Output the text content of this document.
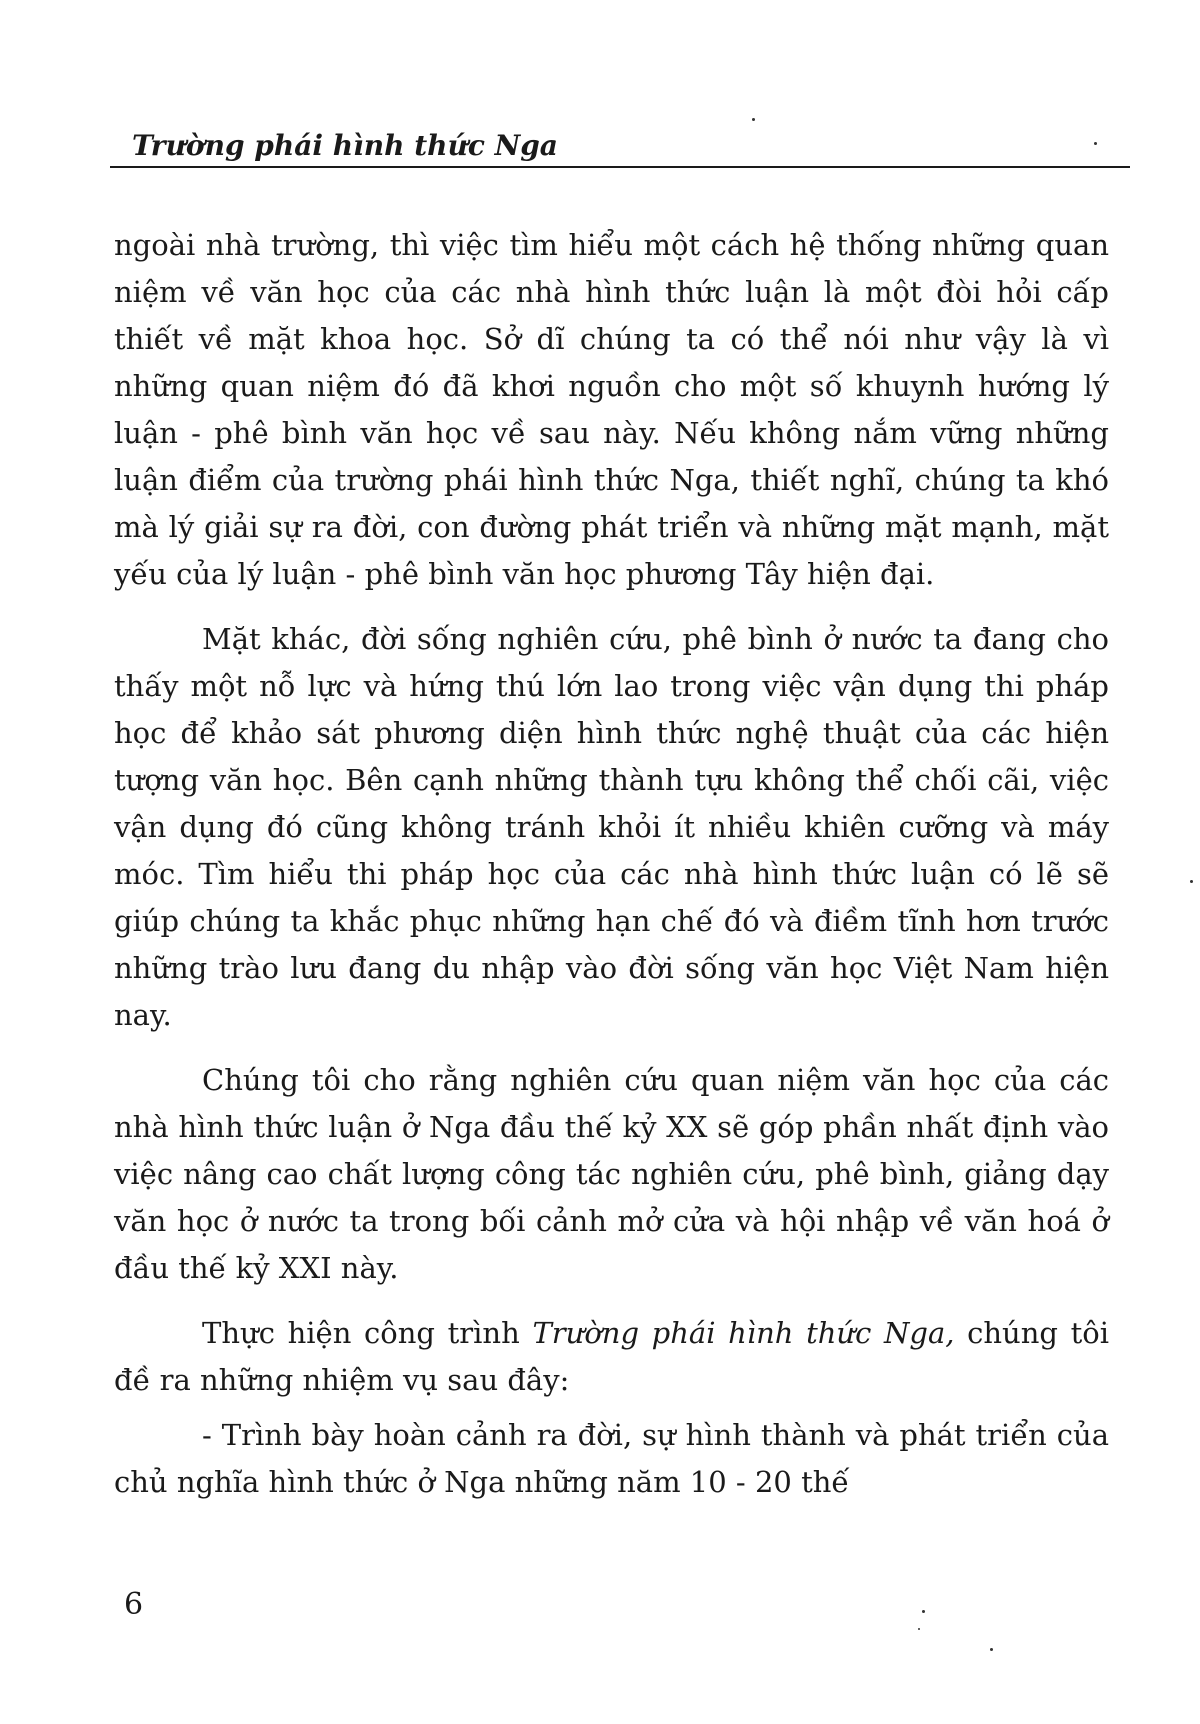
Trường phái hình thức Nga

ngoài nhà trường, thì việc tìm hiểu một cách hệ thống những quan niệm về văn học của các nhà hình thức luận là một đòi hỏi cấp thiết về mặt khoa học. Sở dĩ chúng ta có thể nói như vậy là vì những quan niệm đó đã khơi nguồn cho một số khuynh hướng lý luận - phê bình văn học về sau này. Nếu không nắm vững những luận điểm của trường phái hình thức Nga, thiết nghĩ, chúng ta khó mà lý giải sự ra đời, con đường phát triển và những mặt mạnh, mặt yếu của lý luận - phê bình văn học phương Tây hiện đại.

Mặt khác, đời sống nghiên cứu, phê bình ở nước ta đang cho thấy một nỗ lực và hứng thú lớn lao trong việc vận dụng thi pháp học để khảo sát phương diện hình thức nghệ thuật của các hiện tượng văn học. Bên cạnh những thành tựu không thể chối cãi, việc vận dụng đó cũng không tránh khỏi ít nhiều khiên cưỡng và máy móc. Tìm hiểu thi pháp học của các nhà hình thức luận có lẽ sẽ giúp chúng ta khắc phục những hạn chế đó và điềm tĩnh hơn trước những trào lưu đang du nhập vào đời sống văn học Việt Nam hiện nay.

Chúng tôi cho rằng nghiên cứu quan niệm văn học của các nhà hình thức luận ở Nga đầu thế kỷ XX sẽ góp phần nhất định vào việc nâng cao chất lượng công tác nghiên cứu, phê bình, giảng dạy văn học ở nước ta trong bối cảnh mở cửa và hội nhập về văn hoá ở đầu thế kỷ XXI này.

Thực hiện công trình Trường phái hình thức Nga, chúng tôi đề ra những nhiệm vụ sau đây:

- Trình bày hoàn cảnh ra đời, sự hình thành và phát triển của chủ nghĩa hình thức ở Nga những năm 10 - 20 thế

6
